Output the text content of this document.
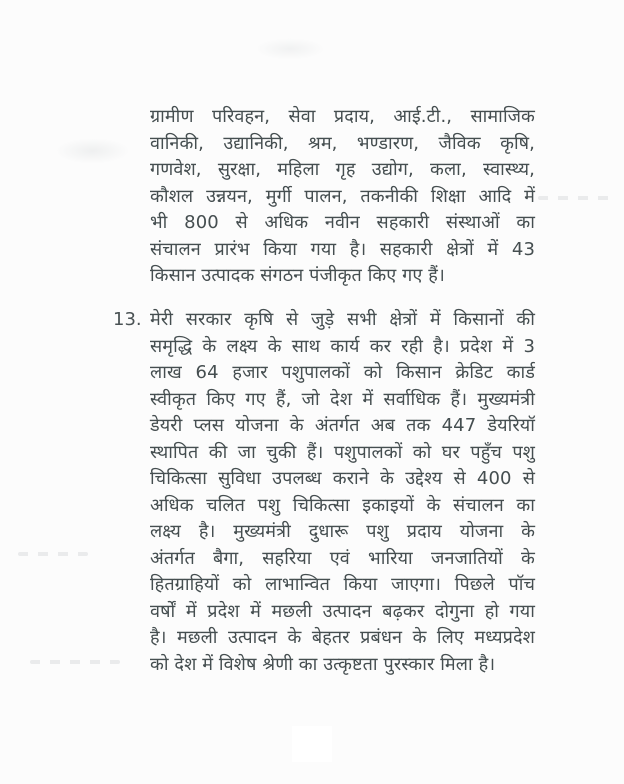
ग्रामीण परिवहन, सेवा प्रदाय, आई.टी., सामाजिक
वानिकी, उद्यानिकी, श्रम, भण्डारण, जैविक कृषि,
गणवेश, सुरक्षा, महिला गृह उद्योग, कला, स्वास्थ्य,
कौशल उन्नयन, मुर्गी पालन, तकनीकी शिक्षा आदि में
भी 800 से अधिक नवीन सहकारी संस्थाओं का
संचालन प्रारंभ किया गया है। सहकारी क्षेत्रों में 43
किसान उत्पादक संगठन पंजीकृत किए गए हैं।
13. मेरी सरकार कृषि से जुड़े सभी क्षेत्रों में किसानों की
समृद्धि के लक्ष्य के साथ कार्य कर रही है। प्रदेश में 3
लाख 64 हजार पशुपालकों को किसान क्रेडिट कार्ड
स्वीकृत किए गए हैं, जो देश में सर्वाधिक हैं। मुख्यमंत्री
डेयरी प्लस योजना के अंतर्गत अब तक 447 डेयरियॉ
स्थापित की जा चुकी हैं। पशुपालकों को घर पहुँच पशु
चिकित्सा सुविधा उपलब्ध कराने के उद्देश्य से 400 से
अधिक चलित पशु चिकित्सा इकाइयों के संचालन का
लक्ष्य है। मुख्यमंत्री दुधारू पशु प्रदाय योजना के
अंतर्गत बैगा, सहरिया एवं भारिया जनजातियों के
हितग्राहियों को लाभान्वित किया जाएगा। पिछले पॉच
वर्षों में प्रदेश में मछली उत्पादन बढ़कर दोगुना हो गया
है। मछली उत्पादन के बेहतर प्रबंधन के लिए मध्यप्रदेश
को देश में विशेष श्रेणी का उत्कृष्टता पुरस्कार मिला है।
